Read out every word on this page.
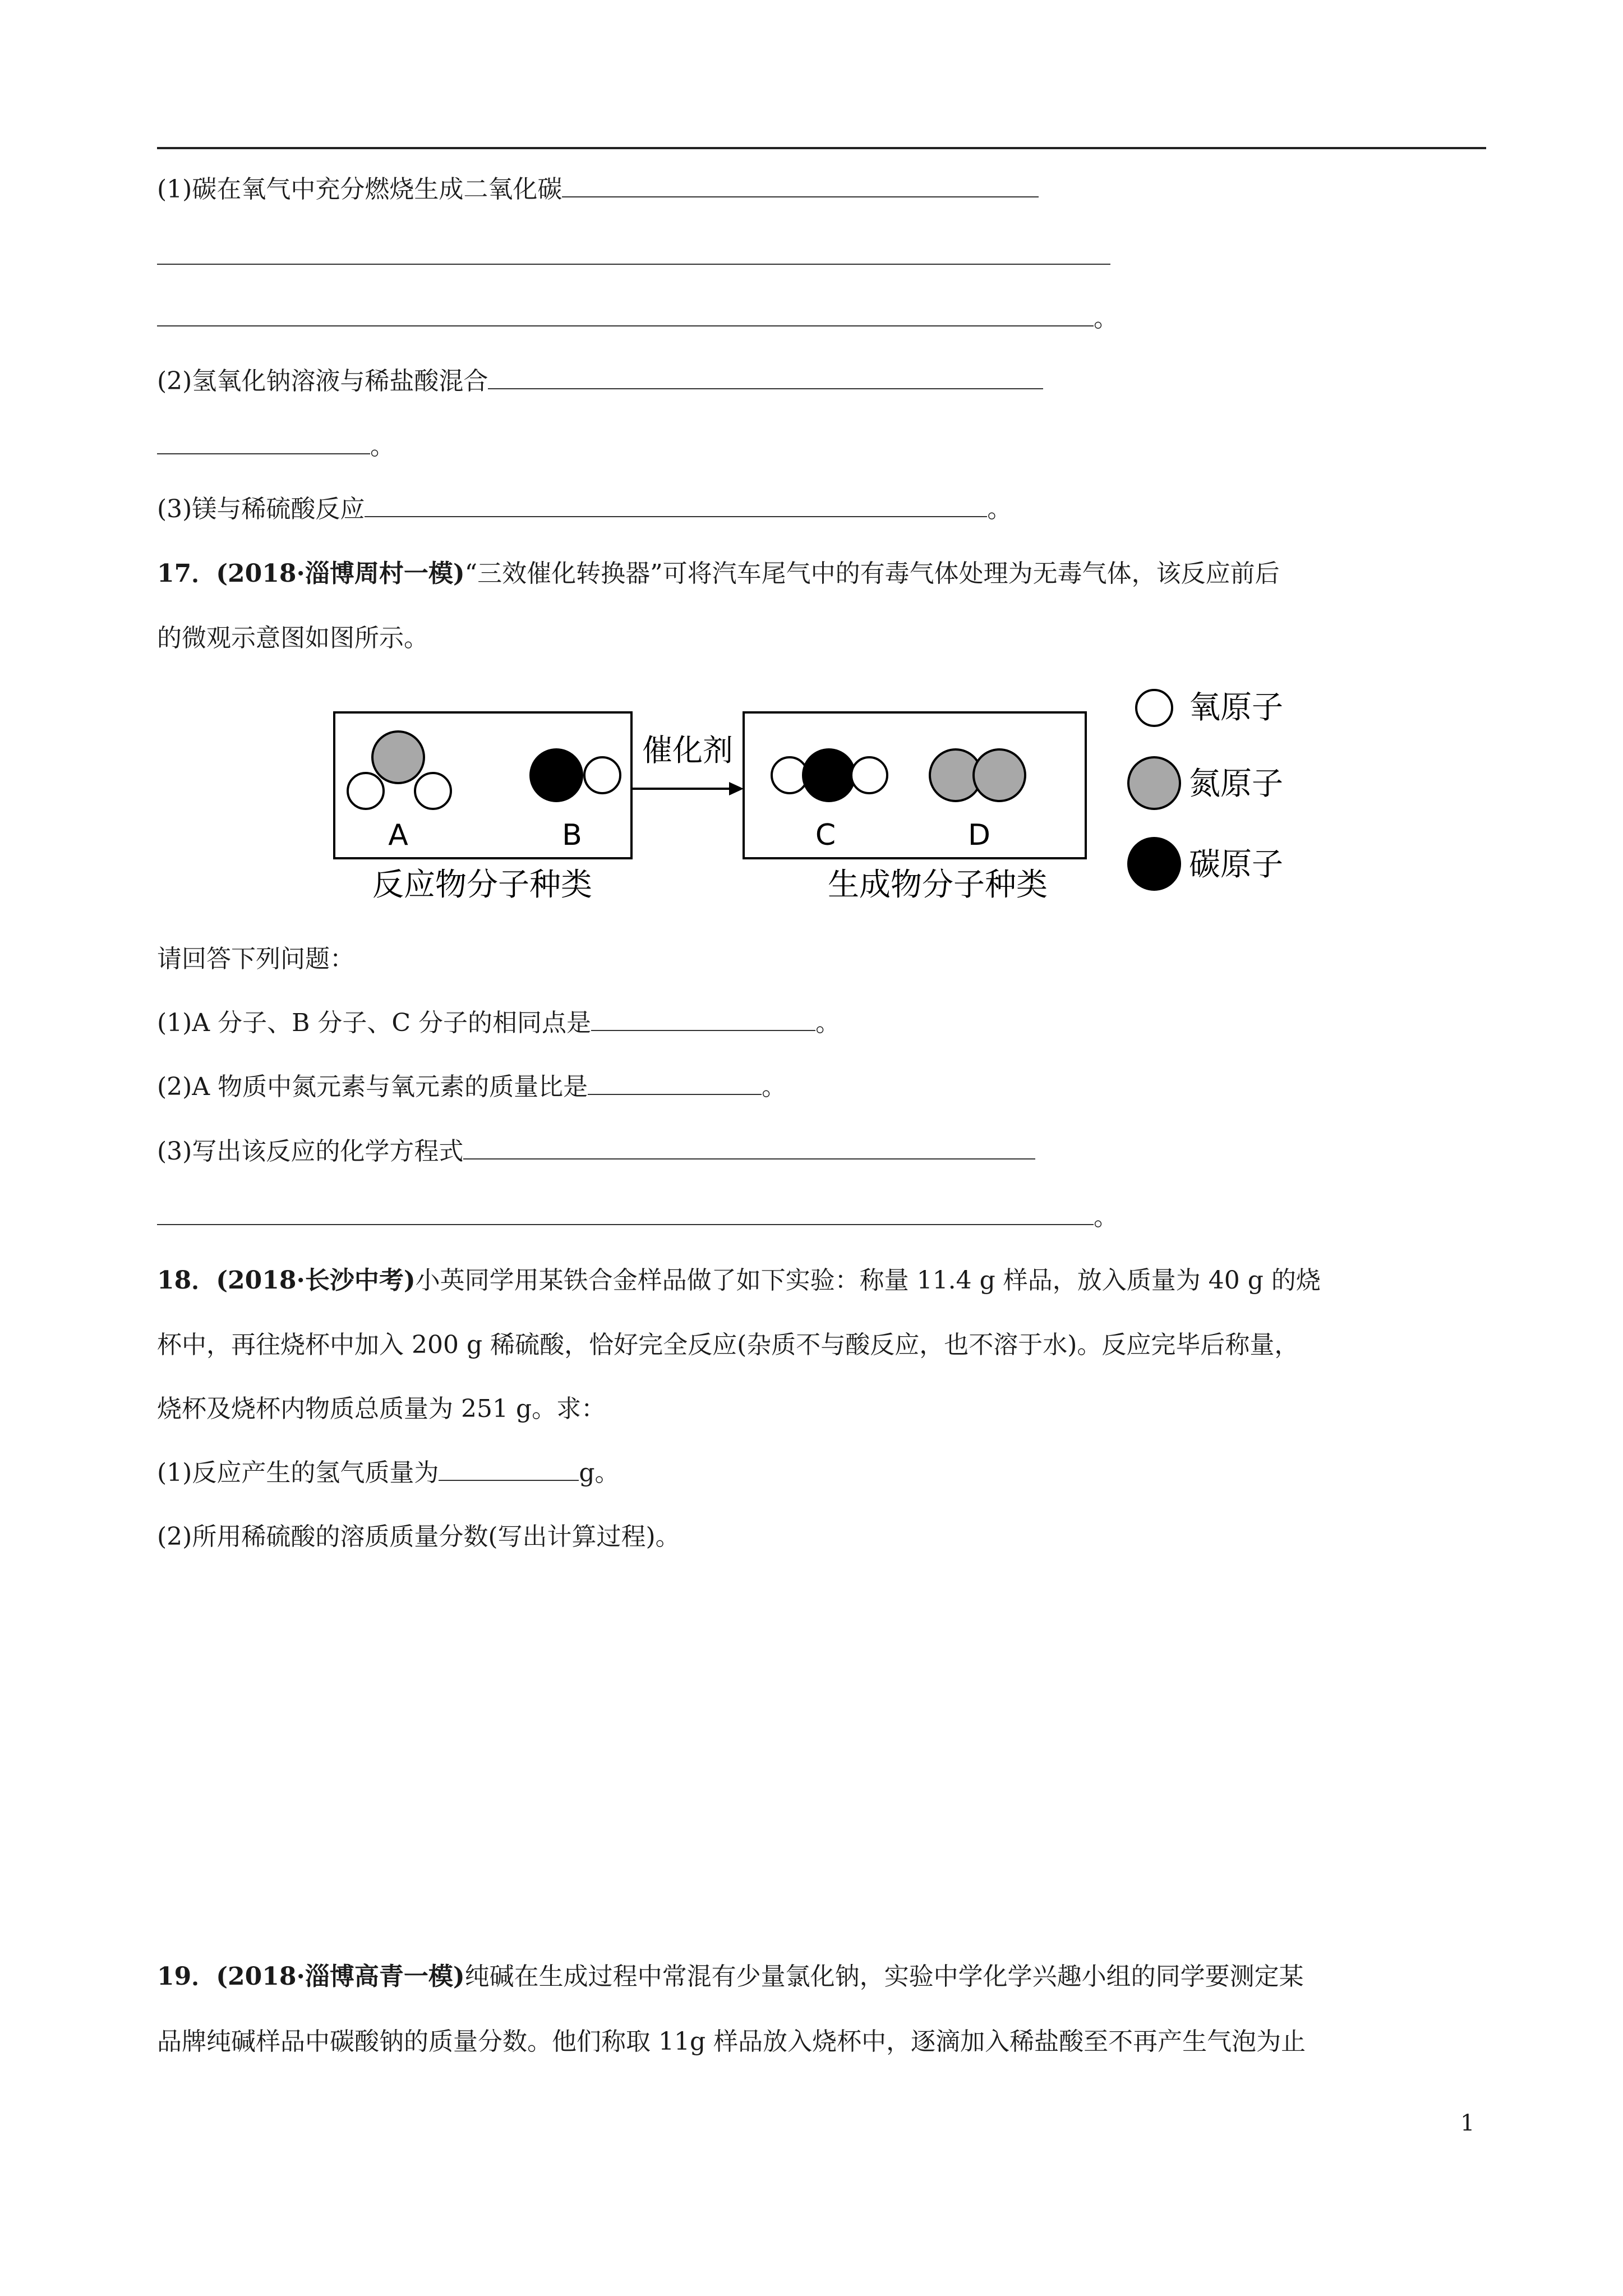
(1)碳在氧气中充分燃烧生成二氧化碳
。
(2)氢氧化钠溶液与稀盐酸混合
。
(3)镁与稀硫酸反应	。
17．(2018·淄博周村一模)“三效催化转换器”可将汽车尾气中的有毒气体处理为无毒气体，该反应前后
的微观示意图如图所示。
A	B
催化剂
C	D
反应物分子种类	生成物分子种类
氧原子
氮原子
碳原子
请回答下列问题：
(1)A 分子、B 分子、C 分子的相同点是	。
(2)A 物质中氮元素与氧元素的质量比是	。
(3)写出该反应的化学方程式
。
18．(2018·长沙中考)小英同学用某铁合金样品做了如下实验：称量 11.4 g 样品，放入质量为 40 g 的烧
杯中，再往烧杯中加入 200 g 稀硫酸，恰好完全反应(杂质不与酸反应，也不溶于水)。反应完毕后称量，
烧杯及烧杯内物质总质量为 251 g。求：
(1)反应产生的氢气质量为	g。
(2)所用稀硫酸的溶质质量分数(写出计算过程)。
19．(2018·淄博高青一模)纯碱在生成过程中常混有少量氯化钠，实验中学化学兴趣小组的同学要测定某
品牌纯碱样品中碳酸钠的质量分数。他们称取 11g 样品放入烧杯中，逐滴加入稀盐酸至不再产生气泡为止
1
